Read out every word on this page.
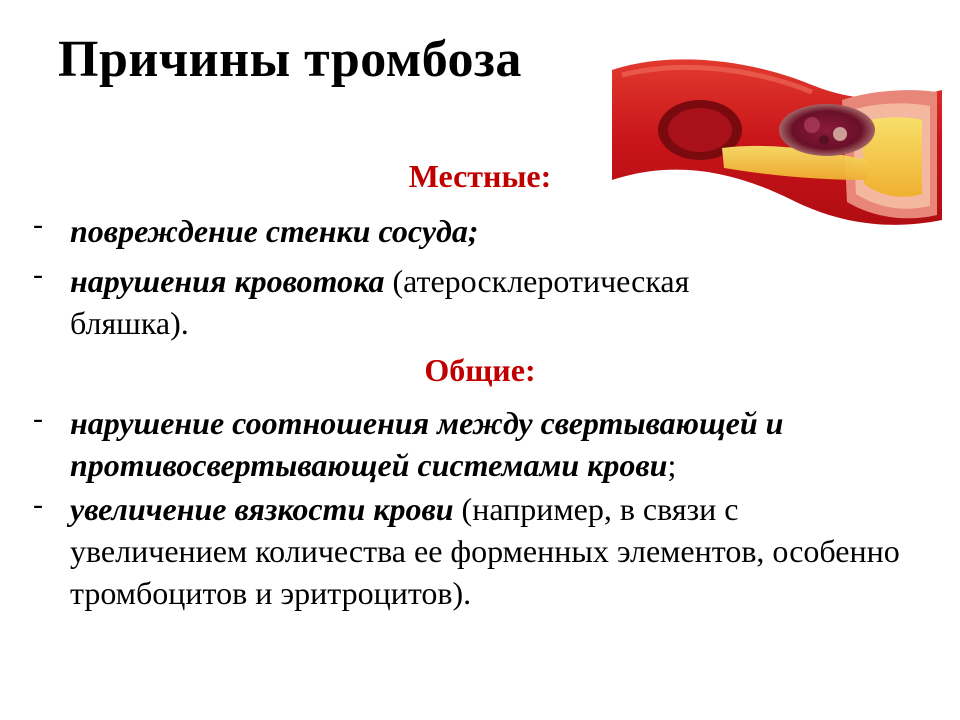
Причины тромбоза
Местные:
- повреждение стенки сосуда;
- нарушения кровотока (атеросклеротическая бляшка).
Общие:
- нарушение соотношения между свертывающей и противосвертывающей системами крови;
- увеличение вязкости крови (например, в связи с увеличением количества ее форменных элементов, особенно тромбоцитов и эритроцитов).
